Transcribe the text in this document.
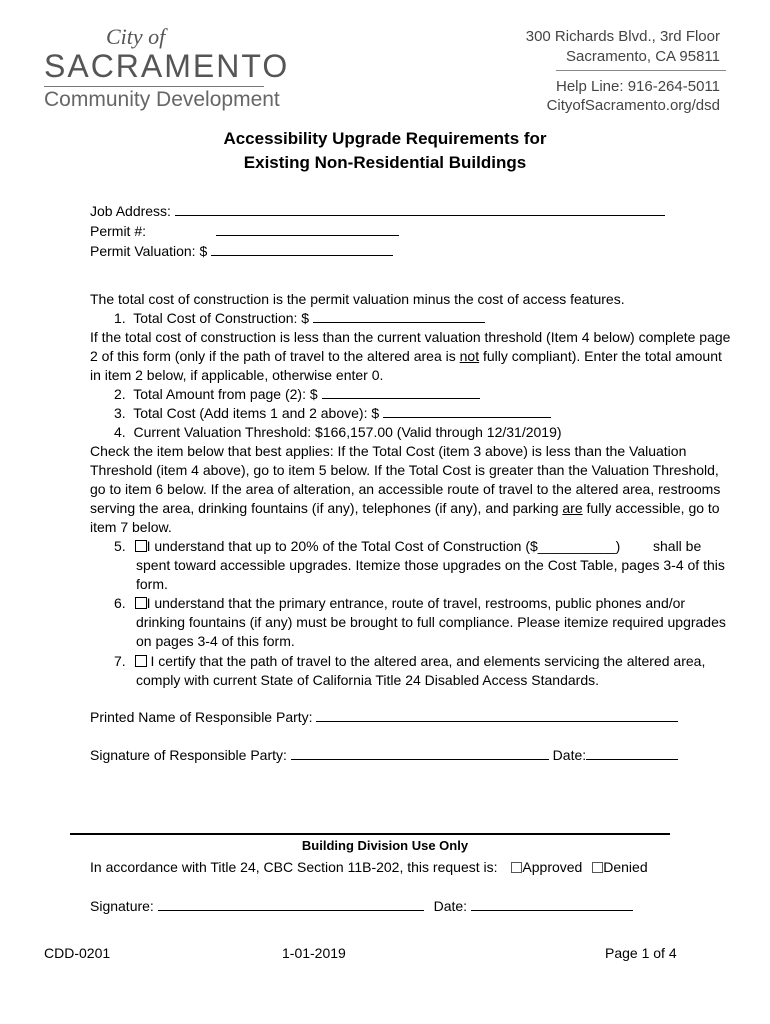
City of
SACRAMENTO
Community Development
300 Richards Blvd., 3rd Floor
Sacramento, CA 95811
Help Line: 916-264-5011
CityofSacramento.org/dsd
Accessibility Upgrade Requirements for
Existing Non-Residential Buildings
Job Address:
Permit #:
Permit Valuation: $
The total cost of construction is the permit valuation minus the cost of access features.
1. Total Cost of Construction: $
If the total cost of construction is less than the current valuation threshold (Item 4 below) complete page
2 of this form (only if the path of travel to the altered area is not fully compliant). Enter the total amount
in item 2 below, if applicable, otherwise enter 0.
2. Total Amount from page (2): $
3. Total Cost (Add items 1 and 2 above): $
4. Current Valuation Threshold: $166,157.00 (Valid through 12/31/2019)
Check the item below that best applies: If the Total Cost (item 3 above) is less than the Valuation
Threshold (item 4 above), go to item 5 below. If the Total Cost is greater than the Valuation Threshold,
go to item 6 below. If the area of alteration, an accessible route of travel to the altered area, restrooms
serving the area, drinking fountains (if any), telephones (if any), and parking are fully accessible, go to
item 7 below.
5. I understand that up to 20% of the Total Cost of Construction ($__________) shall be
spent toward accessible upgrades. Itemize those upgrades on the Cost Table, pages 3-4 of this
form.
6. I understand that the primary entrance, route of travel, restrooms, public phones and/or
drinking fountains (if any) must be brought to full compliance. Please itemize required upgrades
on pages 3-4 of this form.
7. I certify that the path of travel to the altered area, and elements servicing the altered area,
comply with current State of California Title 24 Disabled Access Standards.
Printed Name of Responsible Party:
Signature of Responsible Party:	Date:
Building Division Use Only
In accordance with Title 24, CBC Section 11B-202, this request is: Approved Denied
Signature:	Date:
CDD-0201	1-01-2019	Page 1 of 4
